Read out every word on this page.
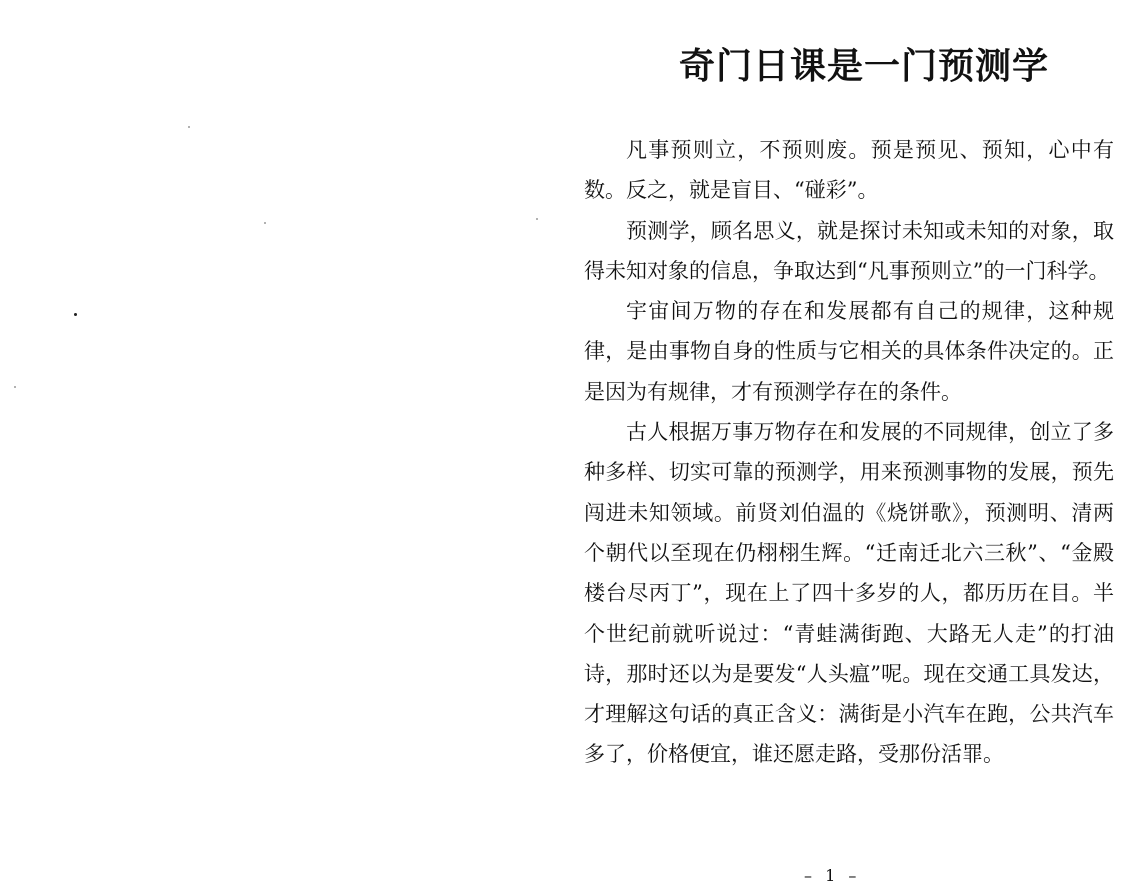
奇门日课是一门预测学

凡事预则立，不预则废。预是预见、预知，心中有数。反之，就是盲目、“碰彩”。

预测学，顾名思义，就是探讨未知或未知的对象，取得未知对象的信息，争取达到“凡事预则立”的一门科学。

宇宙间万物的存在和发展都有自己的规律，这种规律，是由事物自身的性质与它相关的具体条件决定的。正是因为有规律，才有预测学存在的条件。

古人根据万事万物存在和发展的不同规律，创立了多种多样、切实可靠的预测学，用来预测事物的发展，预先闯进未知领域。前贤刘伯温的《烧饼歌》，预测明、清两个朝代以至现在仍栩栩生辉。“迁南迁北六三秋”、“金殿楼台尽丙丁”，现在上了四十多岁的人，都历历在目。半个世纪前就听说过：“青蛙满街跑、大路无人走”的打油诗，那时还以为是要发“人头瘟”呢。现在交通工具发达，才理解这句话的真正含义：满街是小汽车在跑，公共汽车多了，价格便宜，谁还愿走路，受那份活罪。

– 1 –
